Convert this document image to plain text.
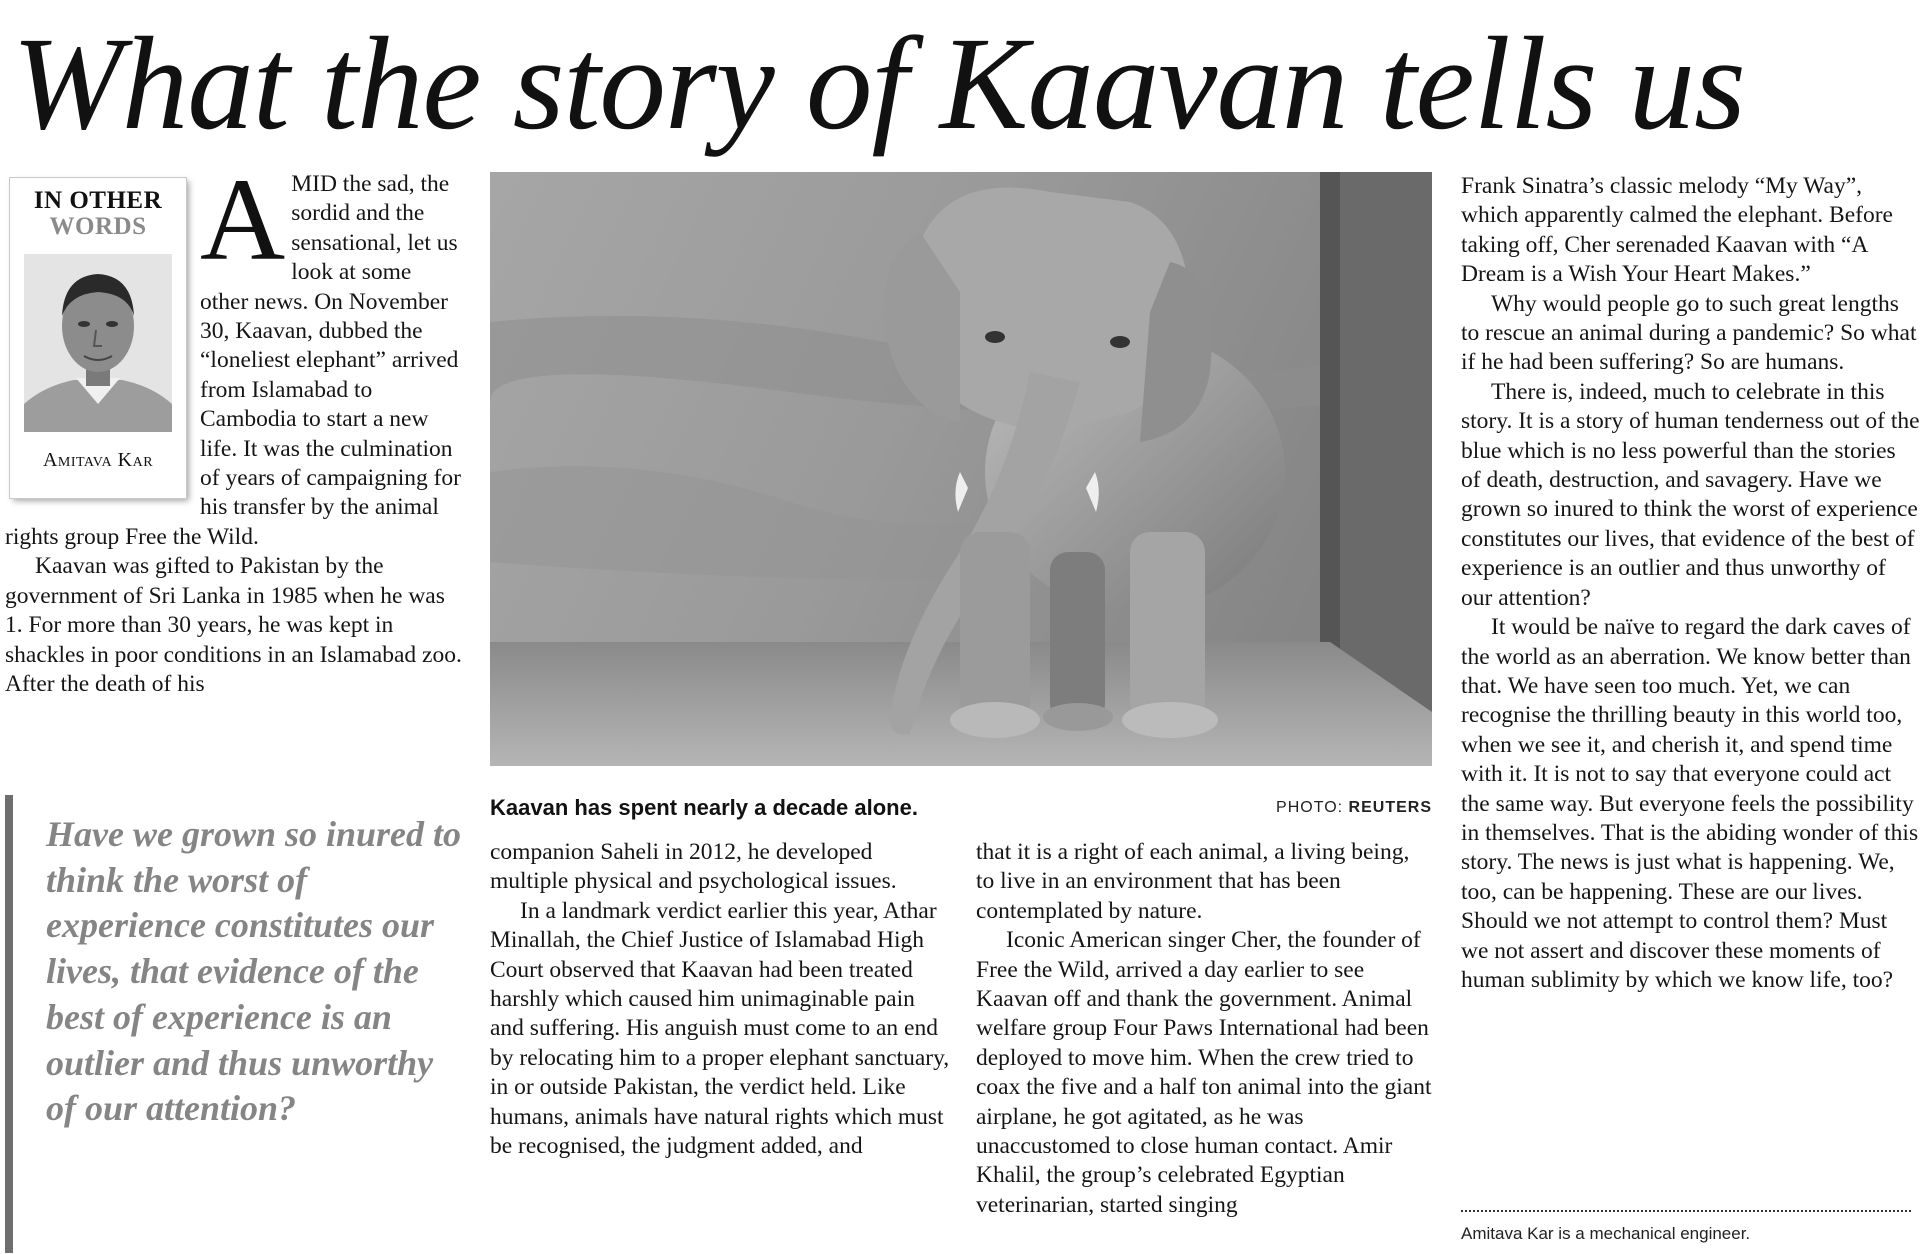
What the story of Kaavan tells us
IN OTHER
WORDS
Amitava Kar

AMID the sad, the sordid and the sensational, let us look at some other news. On November 30, Kaavan, dubbed the “loneliest elephant” arrived from Islamabad to Cambodia to start a new life. It was the culmination of years of campaigning for his transfer by the animal rights group Free the Wild.

Kaavan was gifted to Pakistan by the government of Sri Lanka in 1985 when he was 1. For more than 30 years, he was kept in shackles in poor conditions in an Islamabad zoo. After the death of his

Have we grown so inured to think the worst of experience constitutes our lives, that evidence of the best of experience is an outlier and thus unworthy of our attention?
Kaavan has spent nearly a decade alone.	PHOTO: REUTERS

companion Saheli in 2012, he developed multiple physical and psychological issues.

In a landmark verdict earlier this year, Athar Minallah, the Chief Justice of Islamabad High Court observed that Kaavan had been treated harshly which caused him unimaginable pain and suffering. His anguish must come to an end by relocating him to a proper elephant sanctuary, in or outside Pakistan, the verdict held. Like humans, animals have natural rights which must be recognised, the judgment added, and

that it is a right of each animal, a living being, to live in an environment that has been contemplated by nature.

Iconic American singer Cher, the founder of Free the Wild, arrived a day earlier to see Kaavan off and thank the government. Animal welfare group Four Paws International had been deployed to move him. When the crew tried to coax the five and a half ton animal into the giant airplane, he got agitated, as he was unaccustomed to close human contact. Amir Khalil, the group’s celebrated Egyptian veterinarian, started singing

Frank Sinatra’s classic melody “My Way”, which apparently calmed the elephant. Before taking off, Cher serenaded Kaavan with “A Dream is a Wish Your Heart Makes.”

Why would people go to such great lengths to rescue an animal during a pandemic? So what if he had been suffering? So are humans.

There is, indeed, much to celebrate in this story. It is a story of human tenderness out of the blue which is no less powerful than the stories of death, destruction, and savagery. Have we grown so inured to think the worst of experience constitutes our lives, that evidence of the best of experience is an outlier and thus unworthy of our attention?

It would be naïve to regard the dark caves of the world as an aberration. We know better than that. We have seen too much. Yet, we can recognise the thrilling beauty in this world too, when we see it, and cherish it, and spend time with it. It is not to say that everyone could act the same way. But everyone feels the possibility in themselves. That is the abiding wonder of this story. The news is just what is happening. We, too, can be happening. These are our lives. Should we not attempt to control them? Must we not assert and discover these moments of human sublimity by which we know life, too?

Amitava Kar is a mechanical engineer.
